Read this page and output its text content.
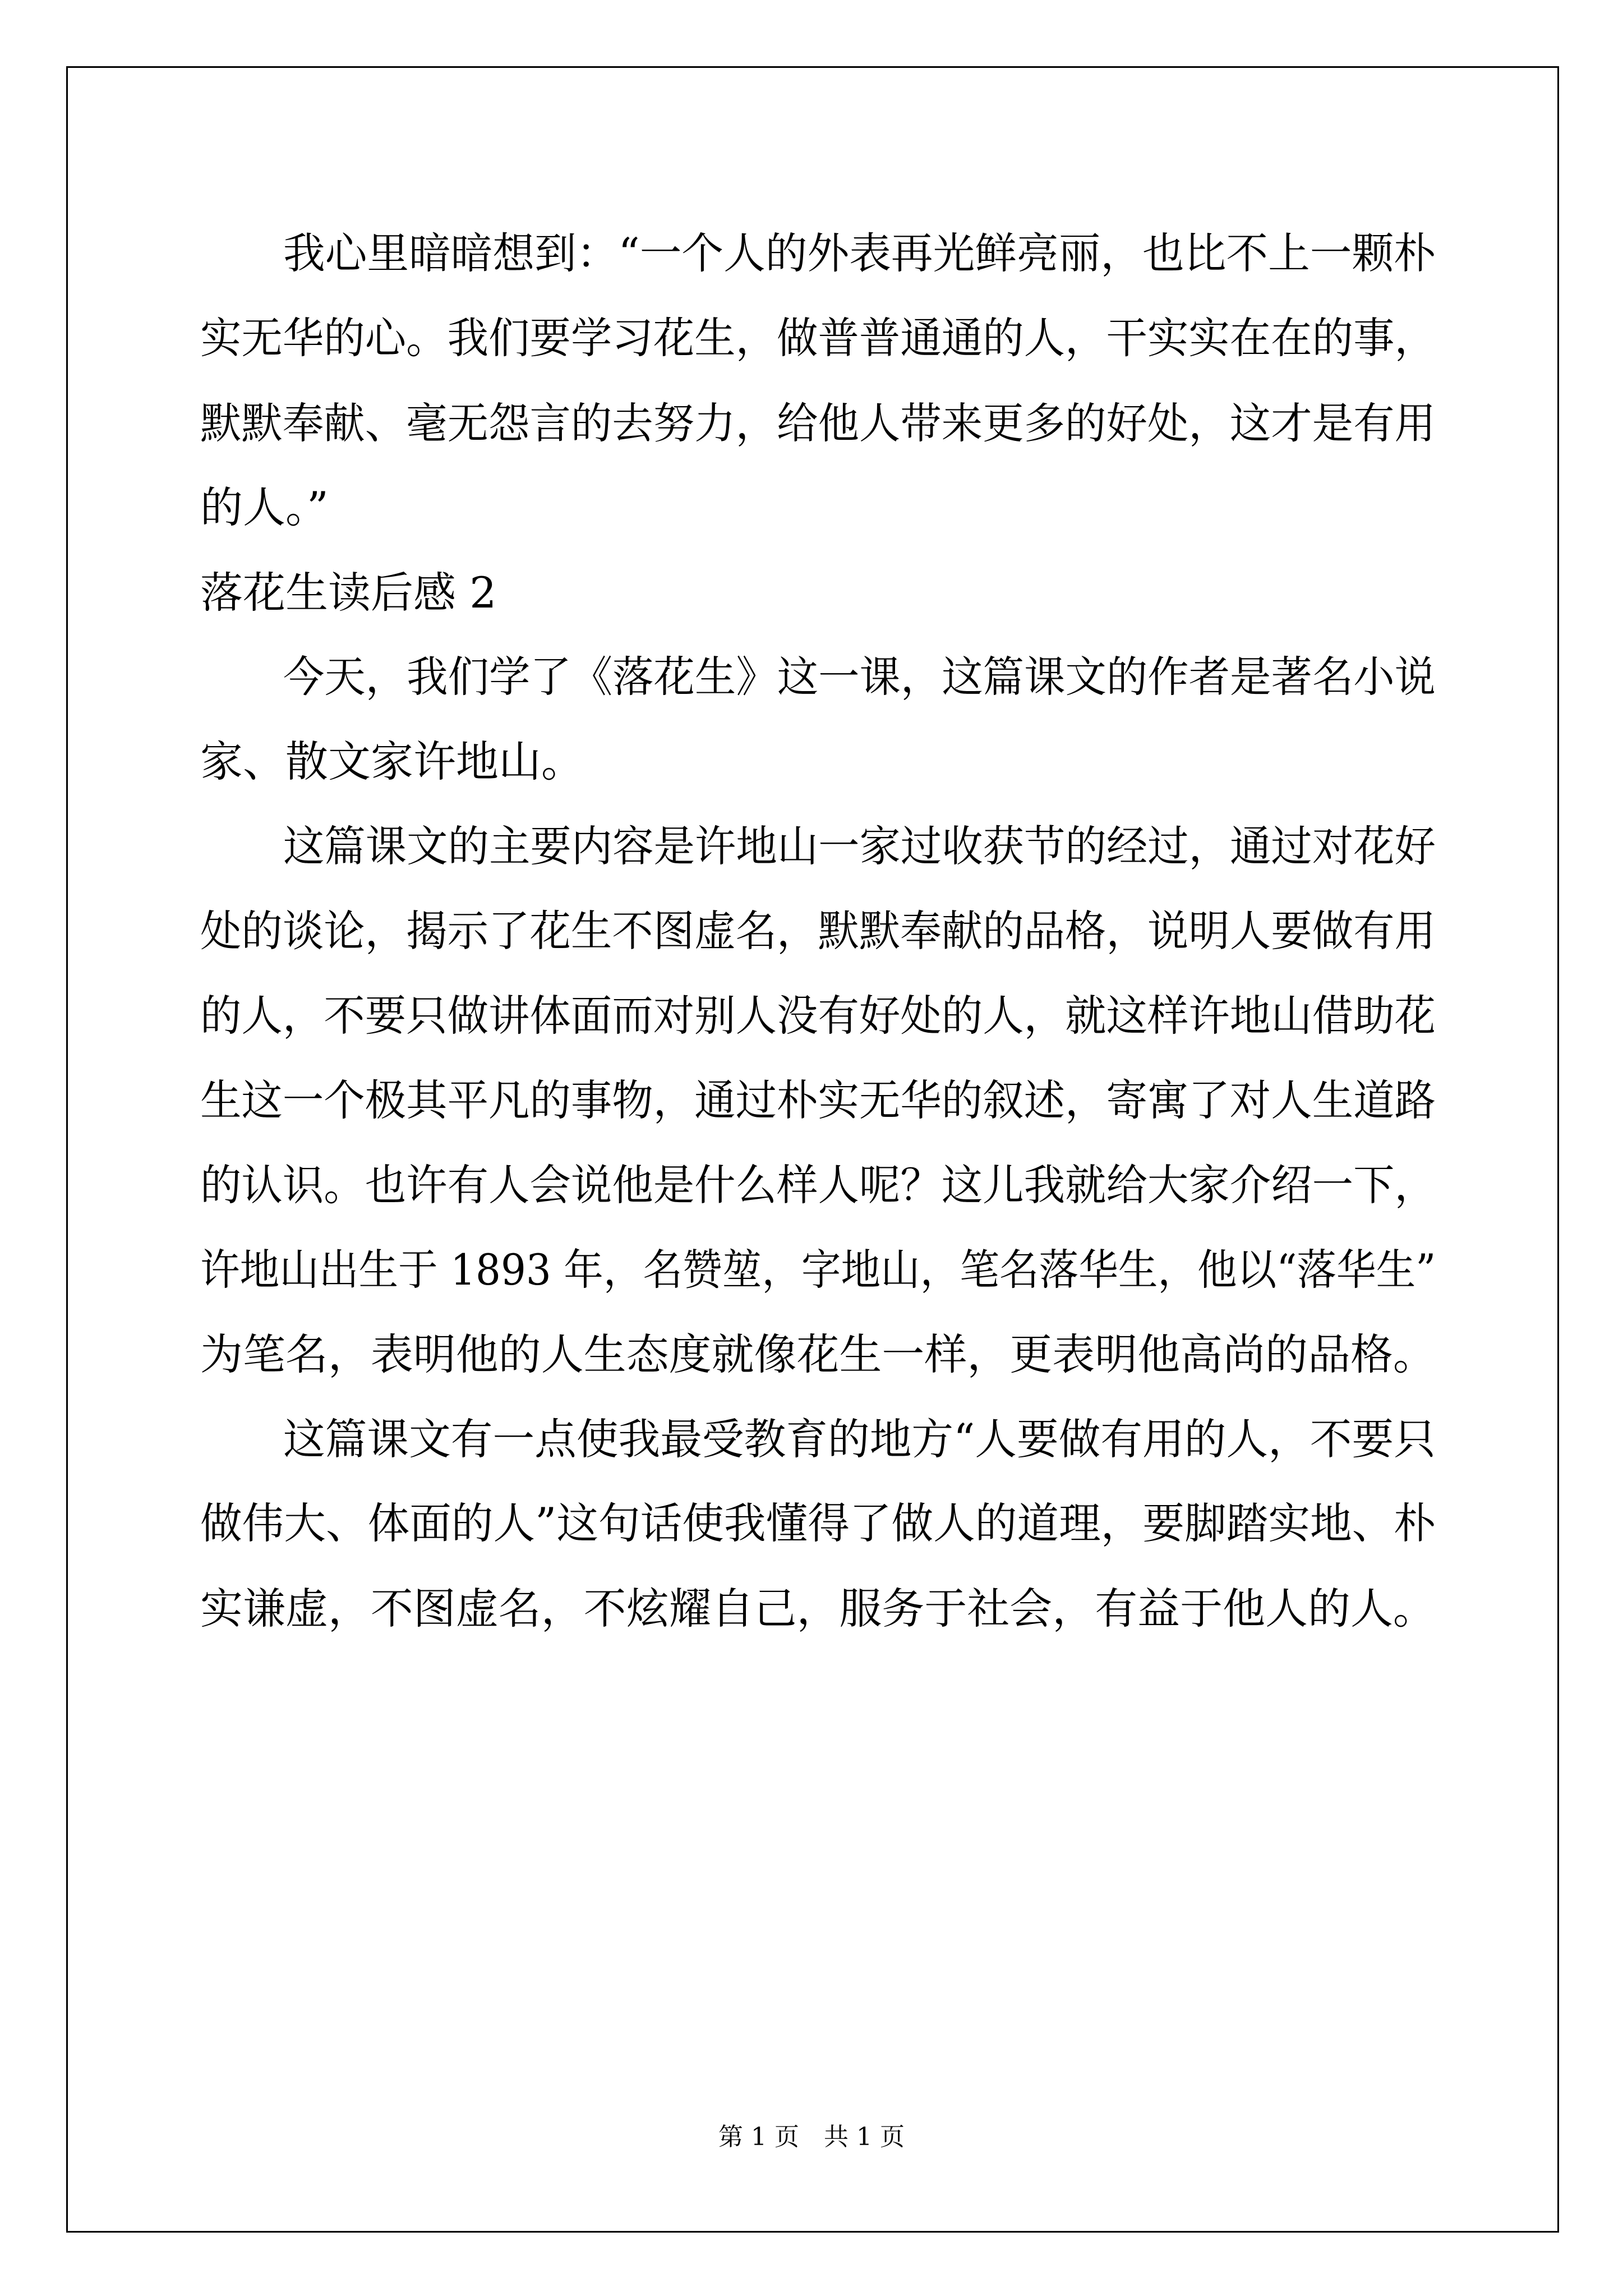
我心里暗暗想到：“一个人的外表再光鲜亮丽，也比不上一颗朴

实无华的心。我们要学习花生，做普普通通的人，干实实在在的事，

默默奉献、毫无怨言的去努力，给他人带来更多的好处，这才是有用

的人。”

落花生读后感 2

今天，我们学了《落花生》这一课，这篇课文的作者是著名小说

家、散文家许地山。

这篇课文的主要内容是许地山一家过收获节的经过，通过对花好

处的谈论，揭示了花生不图虚名，默默奉献的品格，说明人要做有用

的人，不要只做讲体面而对别人没有好处的人，就这样许地山借助花

生这一个极其平凡的事物，通过朴实无华的叙述，寄寓了对人生道路

的认识。也许有人会说他是什么样人呢？这儿我就给大家介绍一下，

许地山出生于 1893 年，名赞堃，字地山，笔名落华生，他以“落华生”

为笔名，表明他的人生态度就像花生一样，更表明他高尚的品格。

这篇课文有一点使我最受教育的地方“人要做有用的人，不要只

做伟大、体面的人”这句话使我懂得了做人的道理，要脚踏实地、朴

实谦虚，不图虚名，不炫耀自己，服务于社会，有益于他人的人。

第 1 页　共 1 页
